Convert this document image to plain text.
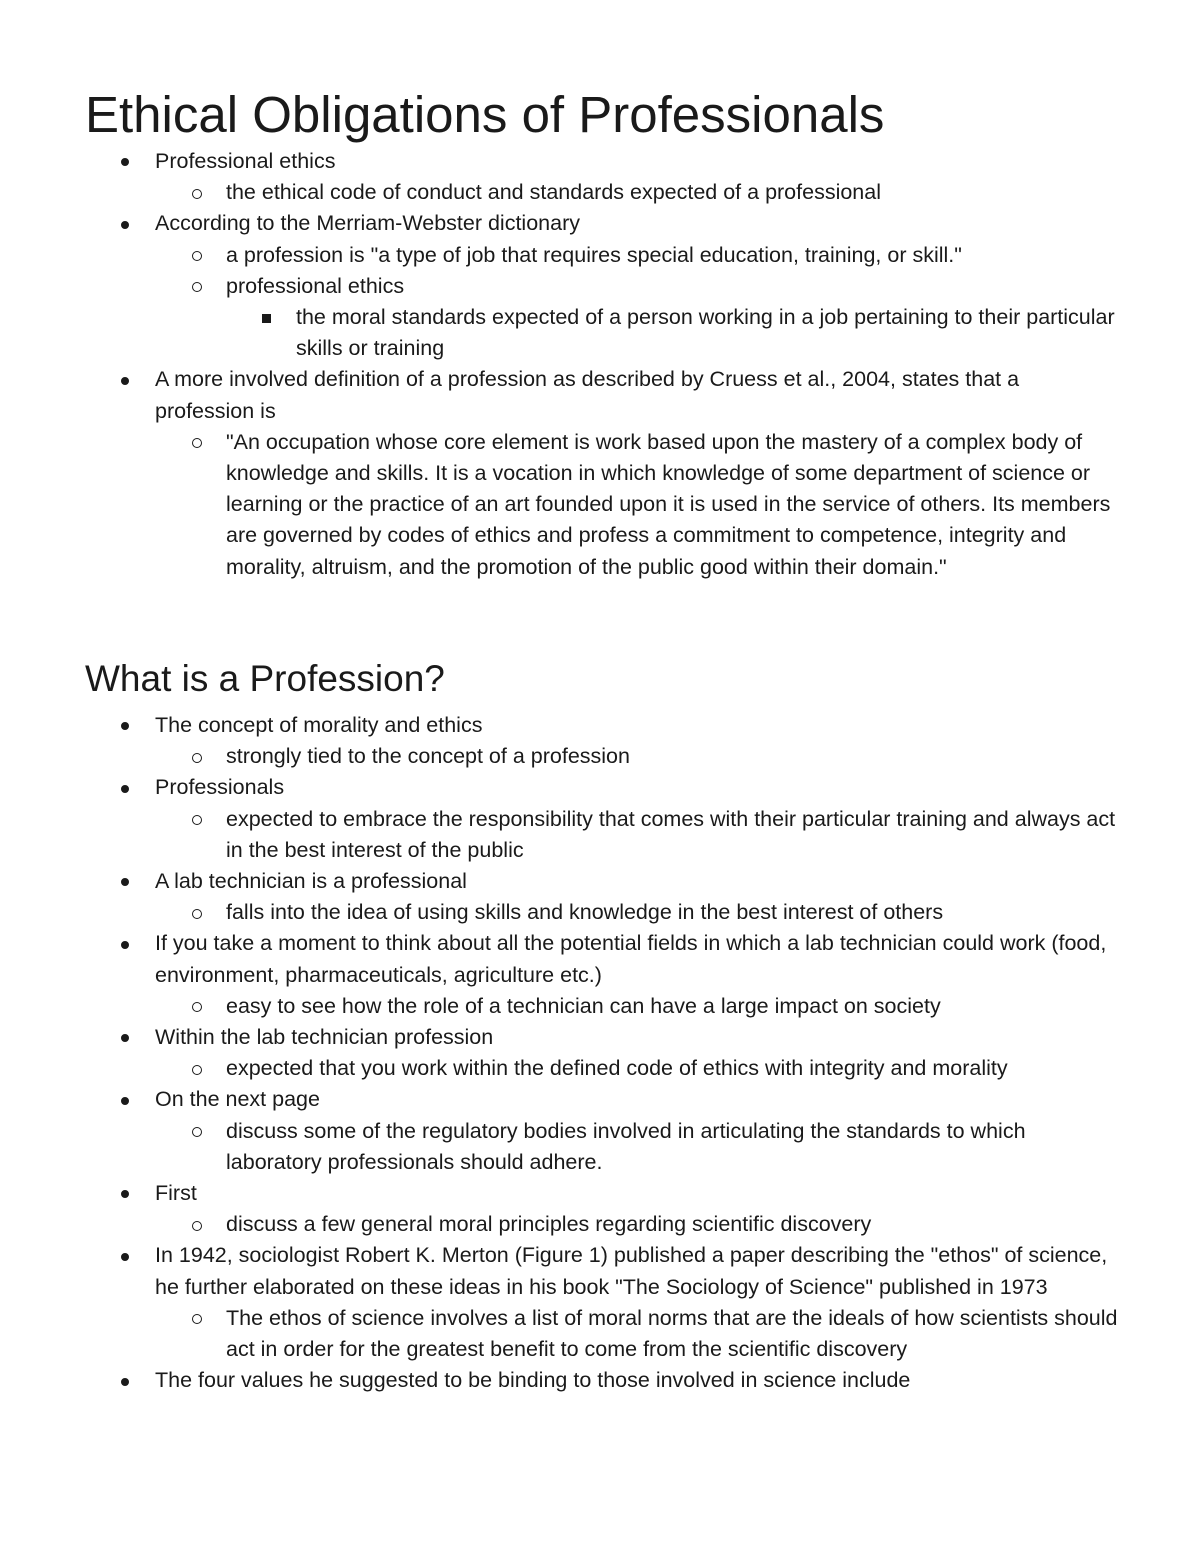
Ethical Obligations of Professionals
Professional ethics
the ethical code of conduct and standards expected of a professional
According to the Merriam-Webster dictionary
a profession is "a type of job that requires special education, training, or skill."
professional ethics
the moral standards expected of a person working in a job pertaining to their particular skills or training
A more involved definition of a profession as described by Cruess et al., 2004, states that a profession is
"An occupation whose core element is work based upon the mastery of a complex body of knowledge and skills. It is a vocation in which knowledge of some department of science or learning or the practice of an art founded upon it is used in the service of others. Its members are governed by codes of ethics and profess a commitment to competence, integrity and morality, altruism, and the promotion of the public good within their domain."
What is a Profession?
The concept of morality and ethics
strongly tied to the concept of a profession
Professionals
expected to embrace the responsibility that comes with their particular training and always act in the best interest of the public
A lab technician is a professional
falls into the idea of using skills and knowledge in the best interest of others
If you take a moment to think about all the potential fields in which a lab technician could work (food, environment, pharmaceuticals, agriculture etc.)
easy to see how the role of a technician can have a large impact on society
Within the lab technician profession
expected that you work within the defined code of ethics with integrity and morality
On the next page
discuss some of the regulatory bodies involved in articulating the standards to which laboratory professionals should adhere.
First
discuss a few general moral principles regarding scientific discovery
In 1942, sociologist Robert K. Merton (Figure 1) published a paper describing the "ethos" of science, he further elaborated on these ideas in his book "The Sociology of Science" published in 1973
The ethos of science involves a list of moral norms that are the ideals of how scientists should act in order for the greatest benefit to come from the scientific discovery
The four values he suggested to be binding to those involved in science include
